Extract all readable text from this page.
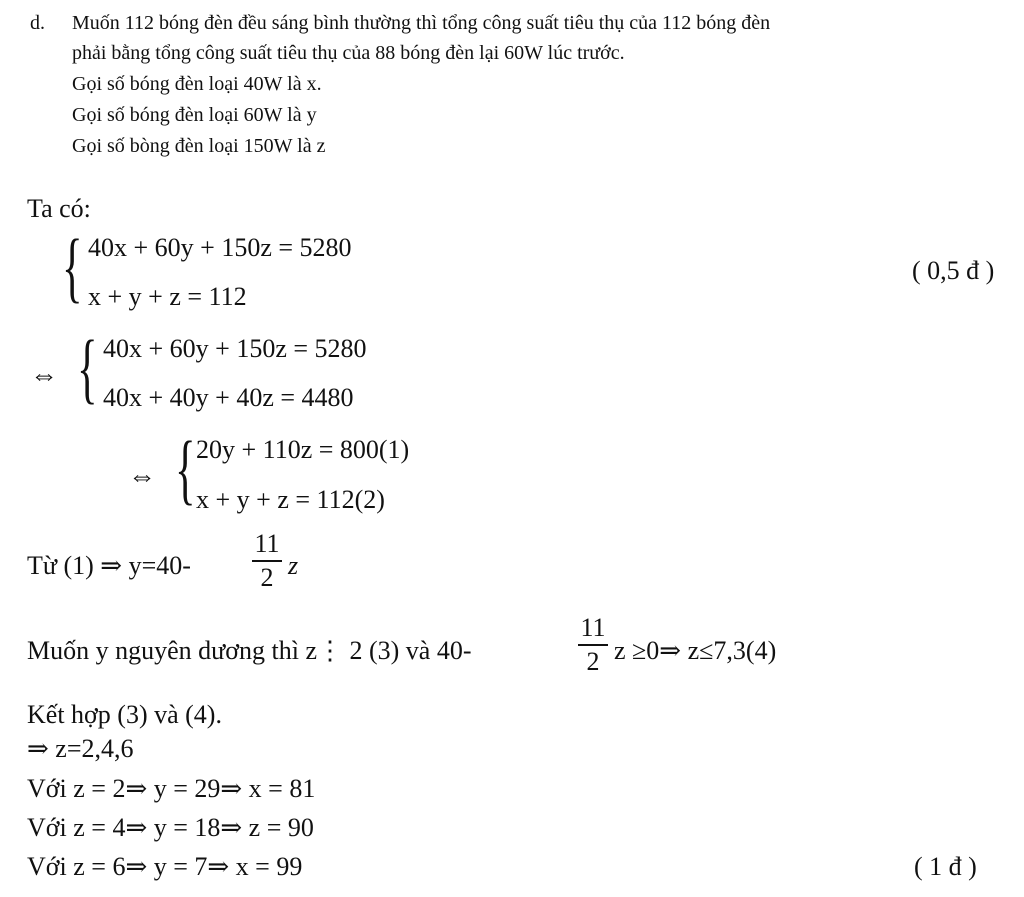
d. Muốn 112 bóng đèn đều sáng bình thường thì tổng công suất tiêu thụ của 112 bóng đèn
phải bằng tổng công suất tiêu thụ của 88 bóng đèn lại 60W lúc trước.
Gọi số bóng đèn loại 40W là x.
Gọi số bóng đèn loại 60W là y
Gọi số bòng đèn loại 150W là z
Ta có:
{ 40x + 60y + 150z = 5280
x + y + z = 112
( 0,5 đ )
⇔ { 40x + 60y + 150z = 5280
40x + 40y + 40z = 4480
⇔ { 20y + 110z = 800(1)
x + y + z = 112(2)
Từ (1) ⇒ y=40-
11
2 z
Muốn y nguyên dương thì z⋮ 2 (3) và 40-
11
2 z ≥0⇒ z≤7,3(4)
Kết hợp (3) và (4).
⇒ z=2,4,6
Với z = 2⇒ y = 29⇒ x = 81
Với z = 4⇒ y = 18⇒ z = 90
Với z = 6⇒ y = 7⇒ x = 99	( 1 đ )
